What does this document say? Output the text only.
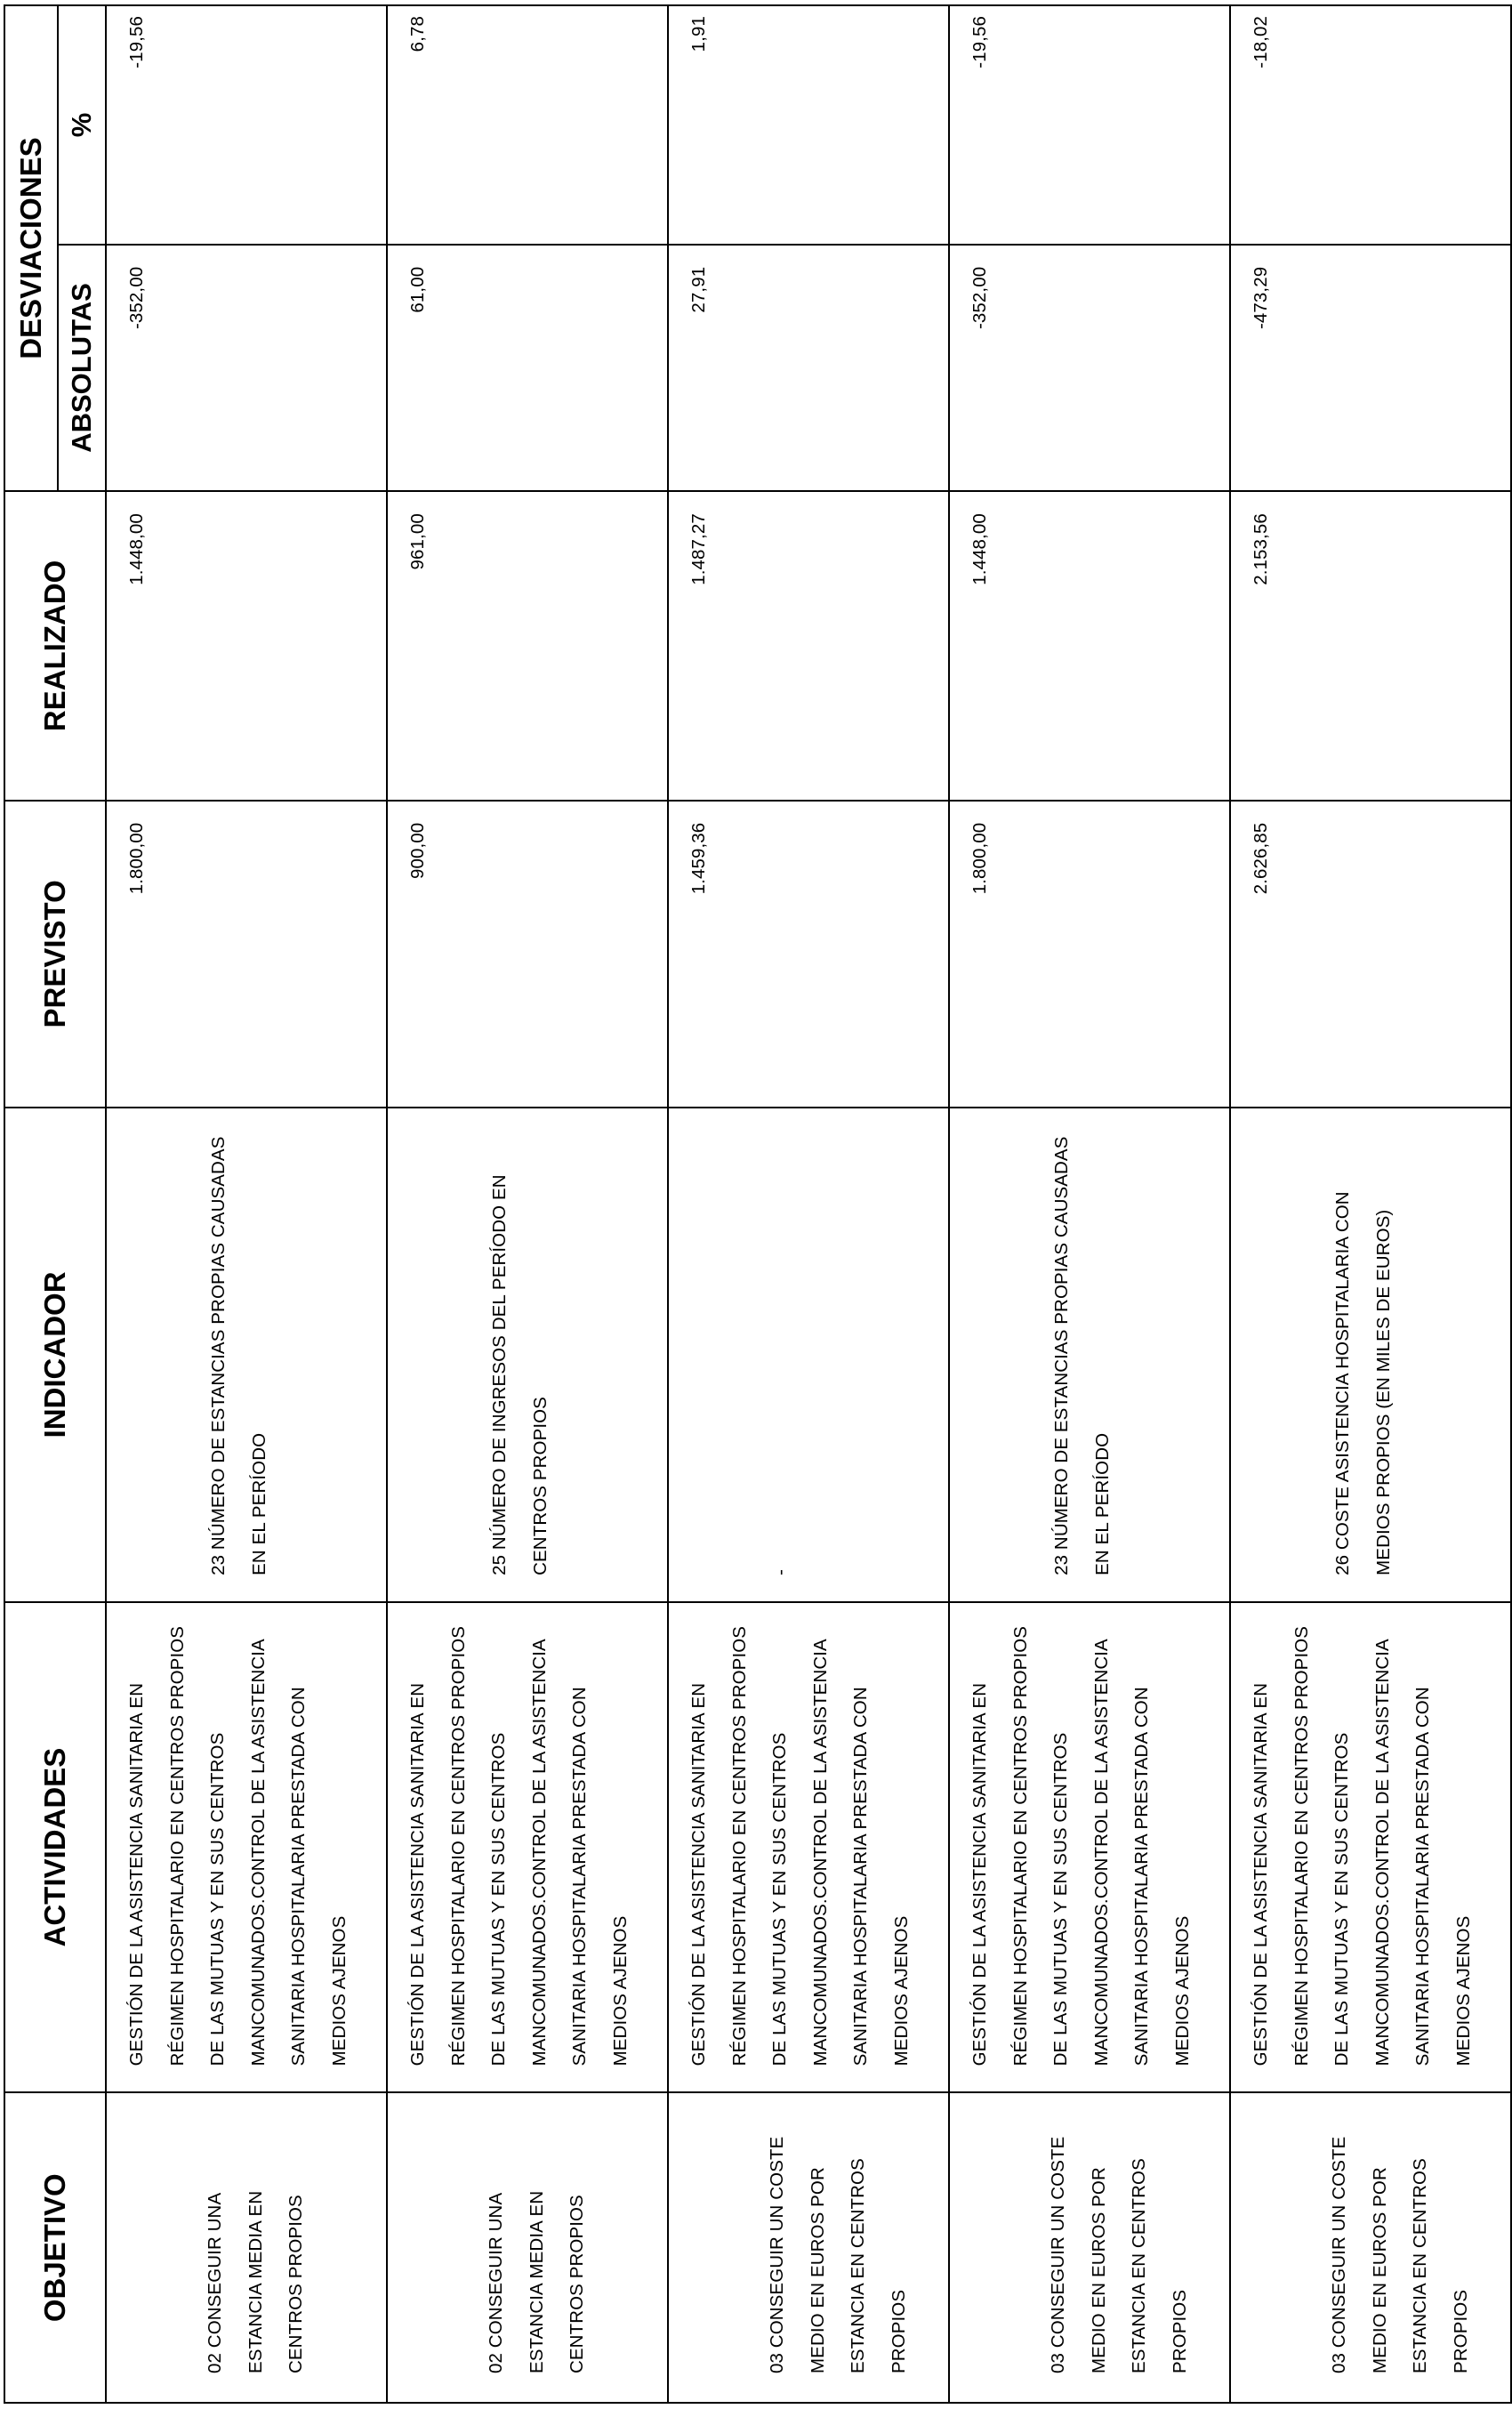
OBJETIVO	ACTIVIDADES	INDICADOR	PREVISTO	REALIZADO	DESVIACIONES	
					ABSOLUTAS	%

02 CONSEGUIR UNA ESTANCIA MEDIA EN CENTROS PROPIOS	GESTIÓN DE LA ASISTENCIA SANITARIA EN RÉGIMEN HOSPITALARIO EN CENTROS PROPIOS DE LAS MUTUAS Y EN SUS CENTROS MANCOMUNADOS.CONTROL DE LA ASISTENCIA SANITARIA HOSPITALARIA PRESTADA CON MEDIOS AJENOS	23 NÚMERO DE ESTANCIAS PROPIAS CAUSADAS EN EL PERÍODO	1.800,00	1.448,00	-352,00	-19,56

02 CONSEGUIR UNA ESTANCIA MEDIA EN CENTROS PROPIOS	GESTIÓN DE LA ASISTENCIA SANITARIA EN RÉGIMEN HOSPITALARIO EN CENTROS PROPIOS DE LAS MUTUAS Y EN SUS CENTROS MANCOMUNADOS.CONTROL DE LA ASISTENCIA SANITARIA HOSPITALARIA PRESTADA CON MEDIOS AJENOS	25 NÚMERO DE INGRESOS DEL PERÍODO EN CENTROS PROPIOS	900,00	961,00	61,00	6,78

03 CONSEGUIR UN COSTE MEDIO EN EUROS POR ESTANCIA EN CENTROS PROPIOS	GESTIÓN DE LA ASISTENCIA SANITARIA EN RÉGIMEN HOSPITALARIO EN CENTROS PROPIOS DE LAS MUTUAS Y EN SUS CENTROS MANCOMUNADOS.CONTROL DE LA ASISTENCIA SANITARIA HOSPITALARIA PRESTADA CON MEDIOS AJENOS	-	1.459,36	1.487,27	27,91	1,91

03 CONSEGUIR UN COSTE MEDIO EN EUROS POR ESTANCIA EN CENTROS PROPIOS	GESTIÓN DE LA ASISTENCIA SANITARIA EN RÉGIMEN HOSPITALARIO EN CENTROS PROPIOS DE LAS MUTUAS Y EN SUS CENTROS MANCOMUNADOS.CONTROL DE LA ASISTENCIA SANITARIA HOSPITALARIA PRESTADA CON MEDIOS AJENOS	23 NÚMERO DE ESTANCIAS PROPIAS CAUSADAS EN EL PERÍODO	1.800,00	1.448,00	-352,00	-19,56

03 CONSEGUIR UN COSTE MEDIO EN EUROS POR ESTANCIA EN CENTROS PROPIOS	GESTIÓN DE LA ASISTENCIA SANITARIA EN RÉGIMEN HOSPITALARIO EN CENTROS PROPIOS DE LAS MUTUAS Y EN SUS CENTROS MANCOMUNADOS.CONTROL DE LA ASISTENCIA SANITARIA HOSPITALARIA PRESTADA CON MEDIOS AJENOS	26 COSTE ASISTENCIA HOSPITALARIA CON MEDIOS PROPIOS (EN MILES DE EUROS)	2.626,85	2.153,56	-473,29	-18,02
